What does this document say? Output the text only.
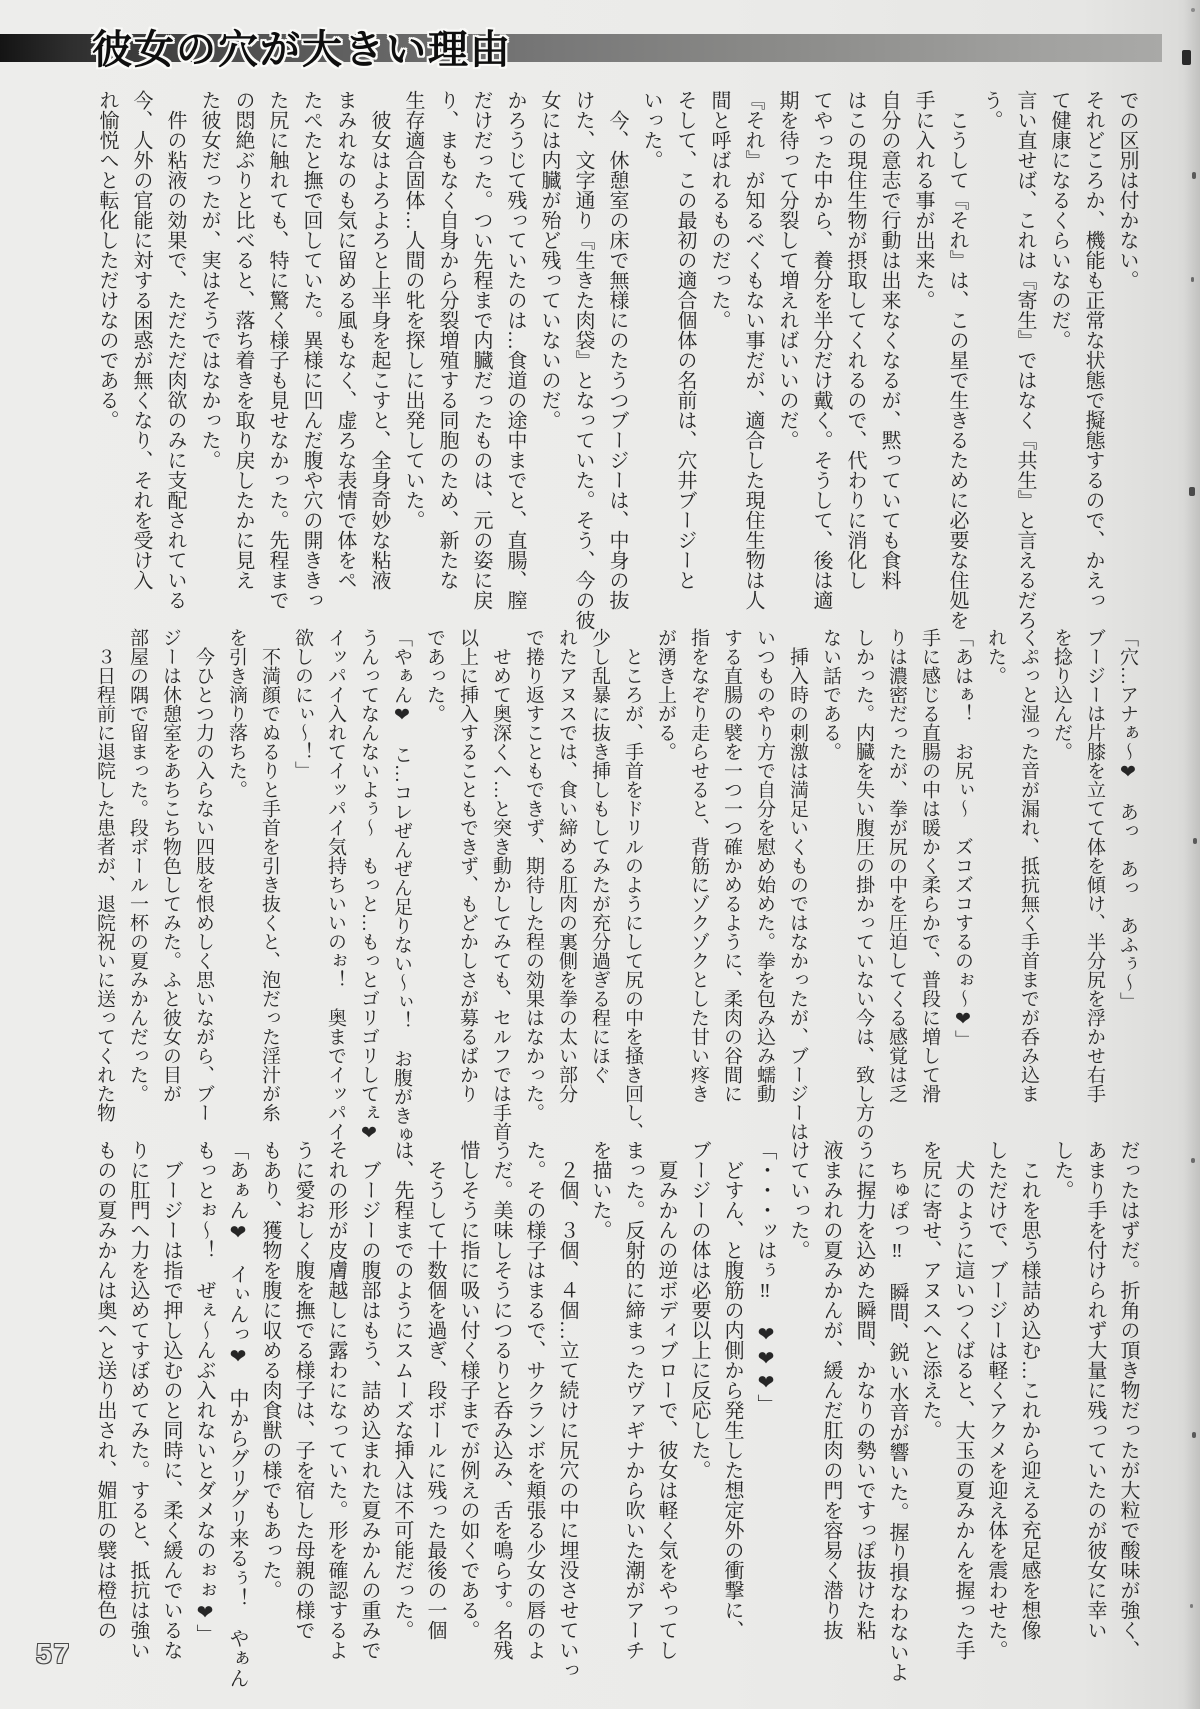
彼女の穴が大きい理由
での区別は付かない。
それどころか、機能も正常な状態で擬態するので、かえっ
て健康になるくらいなのだ。
言い直せば、これは『寄生』ではなく『共生』と言えるだろ
う。
　こうして『それ』は、この星で生きるために必要な住処を
手に入れる事が出来た。
自分の意志で行動は出来なくなるが、黙っていても食料
はこの現住生物が摂取してくれるので、代わりに消化し
てやった中から、養分を半分だけ戴く。そうして、後は適
期を待って分裂して増えればいいのだ。
『それ』が知るべくもない事だが、適合した現住生物は人
間と呼ばれるものだった。
そして、この最初の適合個体の名前は、穴井ブージーと
いった。
　今、休憩室の床で無様にのたうつブージーは、中身の抜
けた、文字通り『生きた肉袋』となっていた。そう、今の彼
女には内臓が殆ど残っていないのだ。
かろうじて残っていたのは…食道の途中までと、直腸、膣
だけだった。つい先程まで内臓だったものは、元の姿に戻
り、まもなく自身から分裂増殖する同胞のため、新たな
生存適合固体…人間の牝を探しに出発していた。
　彼女はよろよろと上半身を起こすと、全身奇妙な粘液
まみれなのも気に留める風もなく、虚ろな表情で体をペ
たぺたと撫で回していた。異様に凹んだ腹や穴の開ききっ
た尻に触れても、特に驚く様子も見せなかった。先程まで
の悶絶ぶりと比べると、落ち着きを取り戻したかに見え
た彼女だったが、実はそうではなかった。
　件の粘液の効果で、ただただ肉欲のみに支配されている
今、人外の官能に対する困惑が無くなり、それを受け入
れ愉悦へと転化しただけなのである。
「穴…アナぁ～❤　あっ　あっ　あふぅ～」
ブージーは片膝を立てて体を傾け、半分尻を浮かせ右手
を捻り込んだ。
くぷっと湿った音が漏れ、抵抗無く手首までが呑み込ま
れた。
「あはぁ！　お尻ぃ～　ズコズコするのぉ～❤」
手に感じる直腸の中は暖かく柔らかで、普段に増して滑
りは濃密だったが、拳が尻の中を圧迫してくる感覚は乏
しかった。内臓を失い腹圧の掛かっていない今は、致し方の
ない話である。
　挿入時の刺激は満足いくものではなかったが、ブージーは
いつものやり方で自分を慰め始めた。拳を包み込み蠕動
する直腸の襞を一つ一つ確かめるように、柔肉の谷間に
指をなぞり走らせると、背筋にゾクゾクとした甘い疼き
が湧き上がる。
　ところが、手首をドリルのようにして尻の中を掻き回し、
少し乱暴に抜き挿しもしてみたが充分過ぎる程にほぐ
れたアヌスでは、食い締める肛肉の裏側を拳の太い部分
で捲り返すこともできず、期待した程の効果はなかった。
　せめて奥深くへ…と突き動かしてみても、セルフでは手首
以上に挿入することもできず、もどかしさが募るばかり
であった。
「やぁん❤　こ…コレぜんぜん足りない～ぃ！　お腹がきゅ
うんってなんないよぅ～　もっと…もっとゴリゴリしてぇ❤
イッパイ入れてイッパイ気持ちいいのぉ！　奥までイッパイ
欲しのにぃ～！」
　不満顔でぬるりと手首を引き抜くと、泡だった淫汁が糸
を引き滴り落ちた。
　今ひとつ力の入らない四肢を恨めしく思いながら、ブー
ジーは休憩室をあちこち物色してみた。ふと彼女の目が
部屋の隅で留まった。段ボール一杯の夏みかんだった。
　３日程前に退院した患者が、退院祝いに送ってくれた物
だったはずだ。折角の頂き物だったが大粒で酸味が強く、
あまり手を付けられず大量に残っていたのが彼女に幸い
した。
　これを思う様詰め込む…これから迎える充足感を想像
しただけで、ブージーは軽くアクメを迎え体を震わせた。
　犬のように這いつくばると、大玉の夏みかんを握った手
を尻に寄せ、アヌスへと添えた。
　ちゅぽっ‼　瞬間、鋭い水音が響いた。握り損なわないよ
うに握力を込めた瞬間、かなりの勢いですっぽ抜けた粘
液まみれの夏みかんが、緩んだ肛肉の門を容易く潜り抜
けていった。
「・・・ッはぅ‼　❤❤❤」
　どすん、と腹筋の内側から発生した想定外の衝撃に、
ブージーの体は必要以上に反応した。
　夏みかんの逆ボディブローで、彼女は軽く気をやってし
まった。反射的に締まったヴァギナから吹いた潮がアーチ
を描いた。
　２個、３個、４個…立て続けに尻穴の中に埋没させていっ
た。その様子はまるで、サクランボを頬張る少女の唇のよ
うだ。美味しそうにつるりと呑み込み、舌を鳴らす。名残
惜しそうに指に吸い付く様子までが例えの如くである。
　そうして十数個を過ぎ、段ボールに残った最後の一個
は、先程までのようにスムーズな挿入は不可能だった。
　ブージーの腹部はもう、詰め込まれた夏みかんの重みで
それの形が皮膚越しに露わになっていた。形を確認するよ
うに愛おしく腹を撫でる様子は、子を宿した母親の様で
もあり、獲物を腹に収める肉食獣の様でもあった。
「あぁん❤　イぃんっ❤　中からグリグリ来るぅ！　やぁん
もっとぉ～！　ぜぇ～んぶ入れないとダメなのぉぉ❤」
　ブージーは指で押し込むのと同時に、柔く緩んでいるな
りに肛門へ力を込めてすぼめてみた。すると、抵抗は強い
ものの夏みかんは奥へと送り出され、媚肛の襞は橙色の
57
